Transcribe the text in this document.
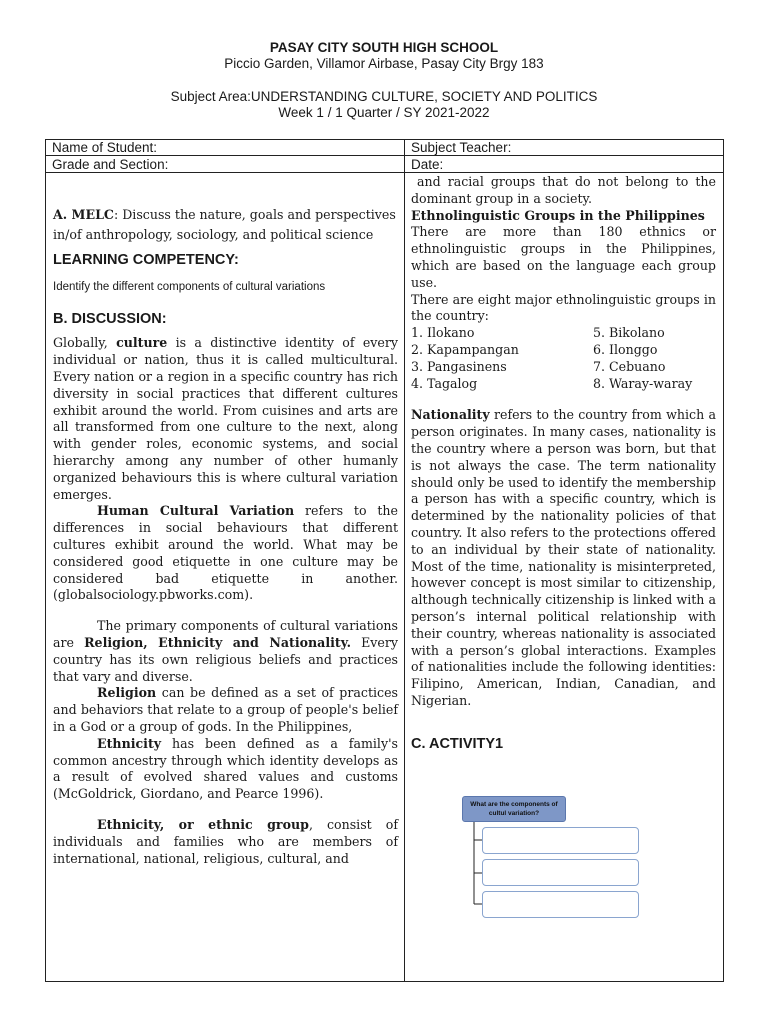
PASAY CITY SOUTH HIGH SCHOOL
Piccio Garden, Villamor Airbase, Pasay City Brgy 183
Subject Area:UNDERSTANDING CULTURE, SOCIETY AND POLITICS
Week 1 / 1 Quarter / SY 2021-2022
Name of Student:	Subject Teacher:
Grade and Section:	Date:

A. MELC: Discuss the nature, goals and perspectives in/of anthropology, sociology, and political science

LEARNING COMPETENCY:
Identify the different components of cultural variations
B. DISCUSSION:

Globally, culture is a distinctive identity of every individual or nation, thus it is called multicultural. Every nation or a region in a specific country has rich diversity in social practices that different cultures exhibit around the world. From cuisines and arts are all transformed from one culture to the next, along with gender roles, economic systems, and social hierarchy among any number of other humanly organized behaviours this is where cultural variation emerges.

Human Cultural Variation refers to the differences in social behaviours that different cultures exhibit around the world. What may be considered good etiquette in one culture may be considered bad etiquette in another. (globalsociology.pbworks.com).

The primary components of cultural variations are Religion, Ethnicity and Nationality. Every country has its own religious beliefs and practices that vary and diverse.

Religion can be defined as a set of practices and behaviors that relate to a group of people's belief in a God or a group of gods. In the Philippines,

Ethnicity has been defined as a family's common ancestry through which identity develops as a result of evolved shared values and customs (McGoldrick, Giordano, and Pearce 1996).

Ethnicity, or ethnic group, consist of individuals and families who are members of international, national, religious, cultural, and

and racial groups that do not belong to the dominant group in a society.

Ethnolinguistic Groups in the Philippines

There are more than 180 ethnics or ethnolinguistic groups in the Philippines, which are based on the language each group use.

There are eight major ethnolinguistic groups in the country:

1. Ilokano	5. Bikolano
2. Kapampangan	6. Ilonggo
3. Pangasinens	7. Cebuano
4. Tagalog	8. Waray-waray

Nationality refers to the country from which a person originates. In many cases, nationality is the country where a person was born, but that is not always the case. The term nationality should only be used to identify the membership a person has with a specific country, which is determined by the nationality policies of that country. It also refers to the protections offered to an individual by their state of nationality. Most of the time, nationality is misinterpreted, however concept is most similar to citizenship, although technically citizenship is linked with a person’s internal political relationship with their country, whereas nationality is associated with a person’s global interactions. Examples of nationalities include the following identities: Filipino, American, Indian, Canadian, and Nigerian.

C. ACTIVITY1
What are the components of cultul variation?
